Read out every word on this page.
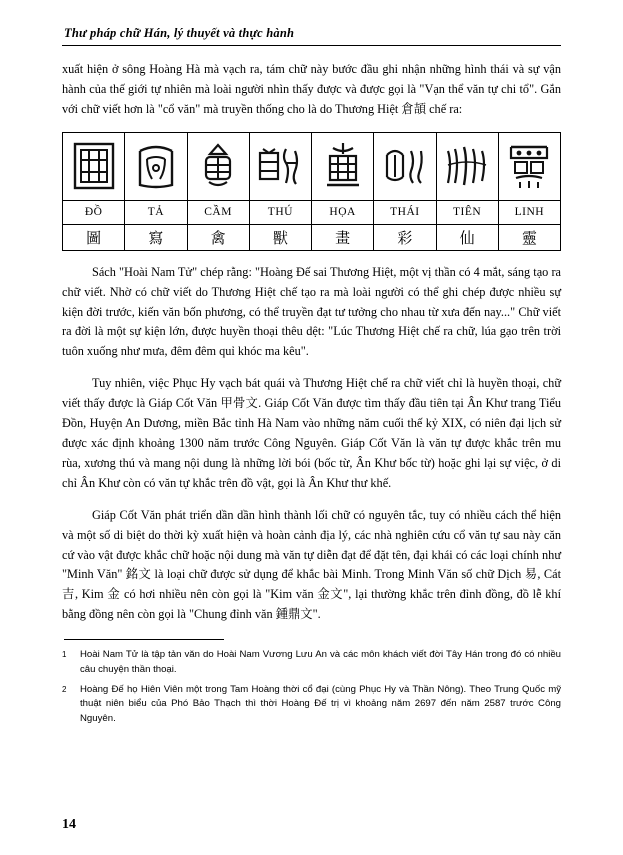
Thư pháp chữ Hán, lý thuyết và thực hành

xuất hiện ở sông Hoàng Hà mà vạch ra, tám chữ này bước đầu ghi nhận những hình thái và sự vận hành của thế giới tự nhiên mà loài người nhìn thấy được và được gọi là "Vạn thể văn tự chi tổ". Gắn với chữ viết hơn là "cổ văn" mà truyền thống cho là do Thương Hiệt 倉頡 chế ra:

ĐỒ	TẢ	CẦM	THÚ	HỌA	THÁI	TIÊN	LINH
圖	寫	禽	獸	畫	彩	仙	靈

Sách "Hoài Nam Tử" chép rằng: "Hoàng Đế sai Thương Hiệt, một vị thần có 4 mắt, sáng tạo ra chữ viết. Nhờ có chữ viết do Thương Hiệt chế tạo ra mà loài người có thể ghi chép được nhiều sự kiện đời trước, kiến văn bốn phương, có thể truyền đạt tư tưởng cho nhau từ xưa đến nay..." Chữ viết ra đời là một sự kiện lớn, được huyền thoại thêu dệt: "Lúc Thương Hiệt chế ra chữ, lúa gạo trên trời tuôn xuống như mưa, đêm đêm quỉ khóc ma kêu".

Tuy nhiên, việc Phục Hy vạch bát quái và Thương Hiệt chế ra chữ viết chỉ là huyền thoại, chữ viết thấy được là Giáp Cốt Văn 甲骨文. Giáp Cốt Văn được tìm thấy đầu tiên tại Ân Khư trang Tiểu Đồn, Huyện An Dương, miền Bắc tỉnh Hà Nam vào những năm cuối thế kỷ XIX, có niên đại lịch sử được xác định khoảng 1300 năm trước Công Nguyên. Giáp Cốt Văn là văn tự được khắc trên mu rùa, xương thú và mang nội dung là những lời bói (bốc từ, Ân Khư bốc từ) hoặc ghi lại sự việc, ở di chỉ Ân Khư còn có văn tự khắc trên đồ vật, gọi là Ân Khư thư khế.

Giáp Cốt Văn phát triển dần dần hình thành lối chữ có nguyên tắc, tuy có nhiều cách thể hiện và một số di biệt do thời kỳ xuất hiện và hoàn cảnh địa lý, các nhà nghiên cứu cổ văn tự sau này căn cứ vào vật được khắc chữ hoặc nội dung mà văn tự diễn đạt để đặt tên, đại khái có các loại chính như "Minh Văn" 銘文 là loại chữ được sử dụng để khắc bài Minh. Trong Minh Văn số chữ Dịch 易, Cát 吉, Kim 金 có hơi nhiều nên còn gọi là "Kim văn 金文", lại thường khắc trên đỉnh đồng, đồ lễ khí bằng đồng nên còn gọi là "Chung đỉnh văn 鍾鼎文".

1	Hoài Nam Tử là tập tản văn do Hoài Nam Vương Lưu An và các môn khách viết đời Tây Hán trong đó có nhiều câu chuyện thần thoại.
2	Hoàng Đế họ Hiên Viên một trong Tam Hoàng thời cổ đại (cùng Phục Hy và Thần Nông). Theo Trung Quốc mỹ thuật niên biểu của Phó Bảo Thạch thì thời Hoàng Đế trị vì khoảng năm 2697 đến năm 2587 trước Công Nguyên.
14
